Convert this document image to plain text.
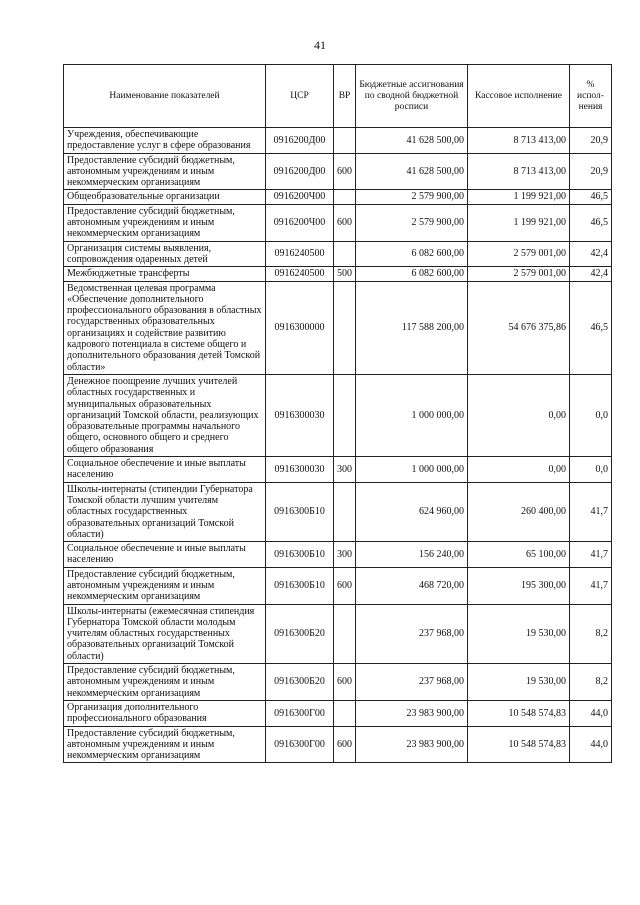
41
Наименование показателей	ЦСР	ВР	Бюджетные ассигнования по сводной бюджетной росписи	Кассовое исполнение	% испол-нения
Учреждения, обеспечивающие предоставление услуг в сфере образования	0916200Д00		41 628 500,00	8 713 413,00	20,9
Предоставление субсидий бюджетным, автономным учреждениям и иным некоммерческим организациям	0916200Д00	600	41 628 500,00	8 713 413,00	20,9
Общеобразовательные организации	0916200Ч00		2 579 900,00	1 199 921,00	46,5
Предоставление субсидий бюджетным, автономным учреждениям и иным некоммерческим организациям	0916200Ч00	600	2 579 900,00	1 199 921,00	46,5
Организация системы выявления, сопровождения одаренных детей	0916240500		6 082 600,00	2 579 001,00	42,4
Межбюджетные трансферты	0916240500	500	6 082 600,00	2 579 001,00	42,4
Ведомственная целевая программа «Обеспечение дополнительного профессионального образования в областных государственных образовательных организациях и содействие развитию кадрового потенциала в системе общего и дополнительного образования детей Томской области»	0916300000		117 588 200,00	54 676 375,86	46,5
Денежное поощрение лучших учителей областных государственных и муниципальных образовательных организаций Томской области, реализующих образовательные программы начального общего, основного общего и среднего общего образования	0916300030		1 000 000,00	0,00	0,0
Социальное обеспечение и иные выплаты населению	0916300030	300	1 000 000,00	0,00	0,0
Школы-интернаты (стипендии Губернатора Томской области лучшим учителям областных государственных образовательных организаций Томской области)	0916300Б10		624 960,00	260 400,00	41,7
Социальное обеспечение и иные выплаты населению	0916300Б10	300	156 240,00	65 100,00	41,7
Предоставление субсидий бюджетным, автономным учреждениям и иным некоммерческим организациям	0916300Б10	600	468 720,00	195 300,00	41,7
Школы-интернаты (ежемесячная стипендия Губернатора Томской области молодым учителям областных государственных образовательных организаций Томской области)	0916300Б20		237 968,00	19 530,00	8,2
Предоставление субсидий бюджетным, автономным учреждениям и иным некоммерческим организациям	0916300Б20	600	237 968,00	19 530,00	8,2
Организация дополнительного профессионального образования	0916300Г00		23 983 900,00	10 548 574,83	44,0
Предоставление субсидий бюджетным, автономным учреждениям и иным некоммерческим организациям	0916300Г00	600	23 983 900,00	10 548 574,83	44,0
